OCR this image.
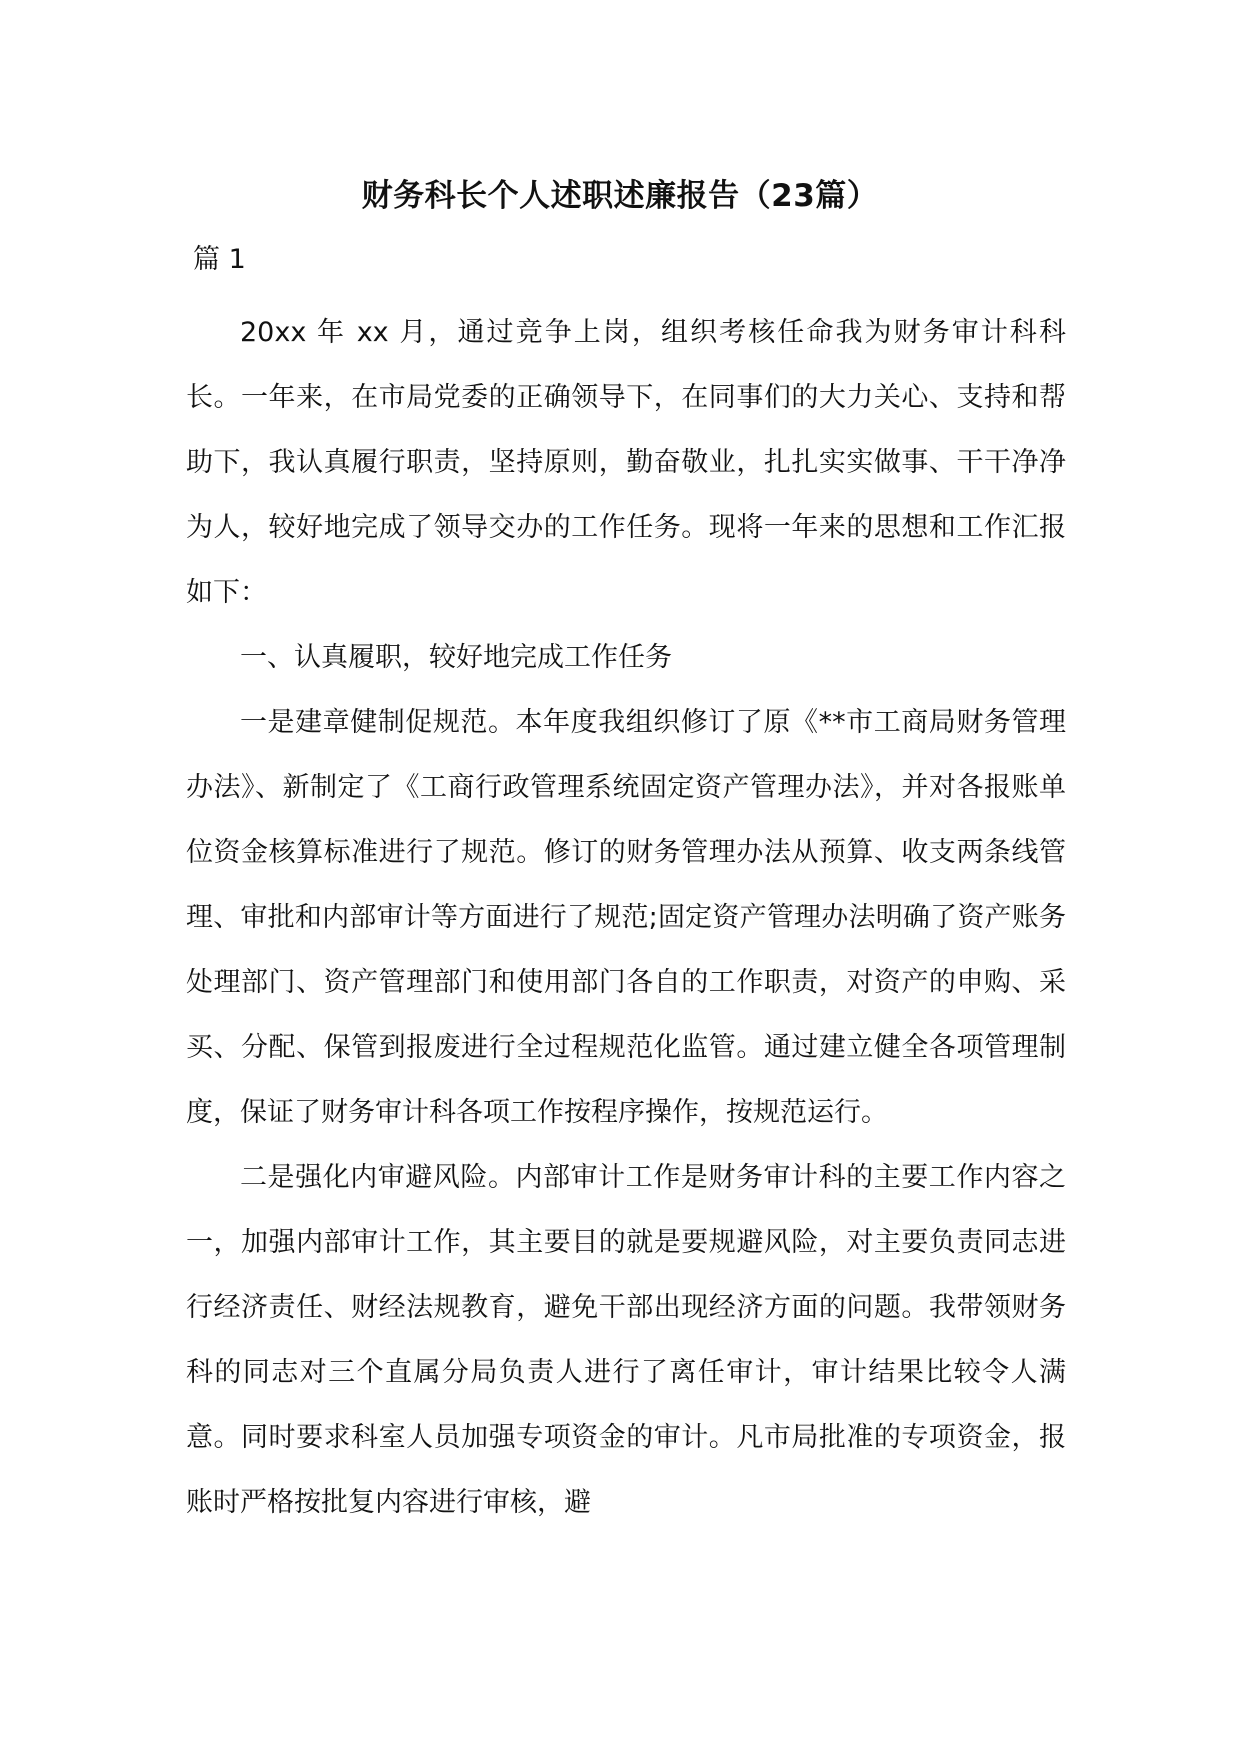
财务科长个人述职述廉报告（23篇）
篇 1

20xx 年 xx 月，通过竞争上岗，组织考核任命我为财务审计科科长。一年来，在市局党委的正确领导下，在同事们的大力关心、支持和帮助下，我认真履行职责，坚持原则，勤奋敬业，扎扎实实做事、干干净净为人，较好地完成了领导交办的工作任务。现将一年来的思想和工作汇报如下：

一、认真履职，较好地完成工作任务

一是建章健制促规范。本年度我组织修订了原《**市工商局财务管理办法》、新制定了《工商行政管理系统固定资产管理办法》，并对各报账单位资金核算标准进行了规范。修订的财务管理办法从预算、收支两条线管理、审批和内部审计等方面进行了规范;固定资产管理办法明确了资产账务处理部门、资产管理部门和使用部门各自的工作职责，对资产的申购、采买、分配、保管到报废进行全过程规范化监管。通过建立健全各项管理制度，保证了财务审计科各项工作按程序操作，按规范运行。

二是强化内审避风险。内部审计工作是财务审计科的主要工作内容之一，加强内部审计工作，其主要目的就是要规避风险，对主要负责同志进行经济责任、财经法规教育，避免干部出现经济方面的问题。我带领财务科的同志对三个直属分局负责人进行了离任审计，审计结果比较令人满意。同时要求科室人员加强专项资金的审计。凡市局批准的专项资金，报账时严格按批复内容进行审核，避
